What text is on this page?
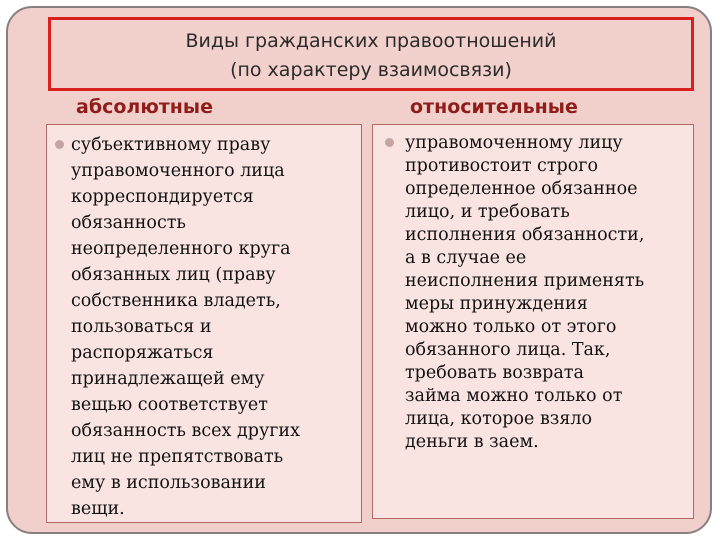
Виды гражданских правоотношений
(по характеру взаимосвязи)
абсолютные	относительные
субъективному праву
управомоченного лица
корреспондируется
обязанность
неопределенного круга
обязанных лиц (праву
собственника владеть,
пользоваться и
распоряжаться
принадлежащей ему
вещью соответствует
обязанность всех других
лиц не препятствовать
ему в использовании
вещи.
управомоченному лицу
противостоит строго
определенное обязанное
лицо, и требовать
исполнения обязанности,
а в случае ее
неисполнения применять
меры принуждения
можно только от этого
обязанного лица. Так,
требовать возврата
займа можно только от
лица, которое взяло
деньги в заем.
